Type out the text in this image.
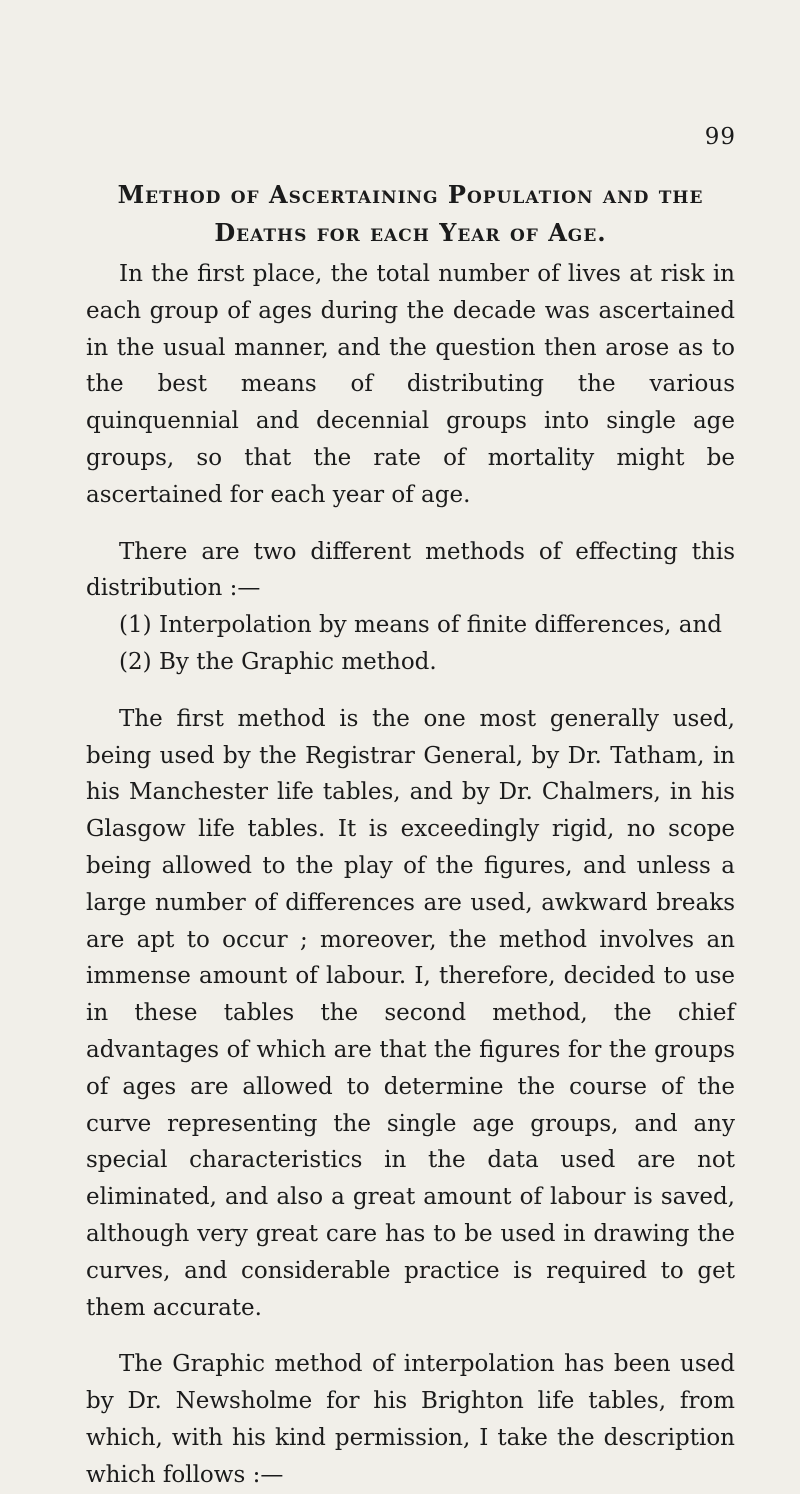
99
Method of Ascertaining Population and the
Deaths for each Year of Age.

In the first place, the total number of lives at risk in each group of ages during the decade was ascertained in the usual manner, and the question then arose as to the best means of distributing the various quinquennial and decennial groups into single age groups, so that the rate of mortality might be ascertained for each year of age.

There are two different methods of effecting this distribution :—

(1) Interpolation by means of finite differences, and
(2) By the Graphic method.

The first method is the one most generally used, being used by the Registrar General, by Dr. Tatham, in his Manchester life tables, and by Dr. Chalmers, in his Glasgow life tables. It is exceedingly rigid, no scope being allowed to the play of the figures, and unless a large number of differences are used, awkward breaks are apt to occur ; moreover, the method involves an immense amount of labour. I, therefore, decided to use in these tables the second method, the chief advantages of which are that the figures for the groups of ages are allowed to determine the course of the curve representing the single age groups, and any special characteristics in the data used are not eliminated, and also a great amount of labour is saved, although very great care has to be used in drawing the curves, and considerable practice is required to get them accurate.

The Graphic method of interpolation has been used by Dr. Newsholme for his Brighton life tables, from which, with his kind permission, I take the description which follows :—
